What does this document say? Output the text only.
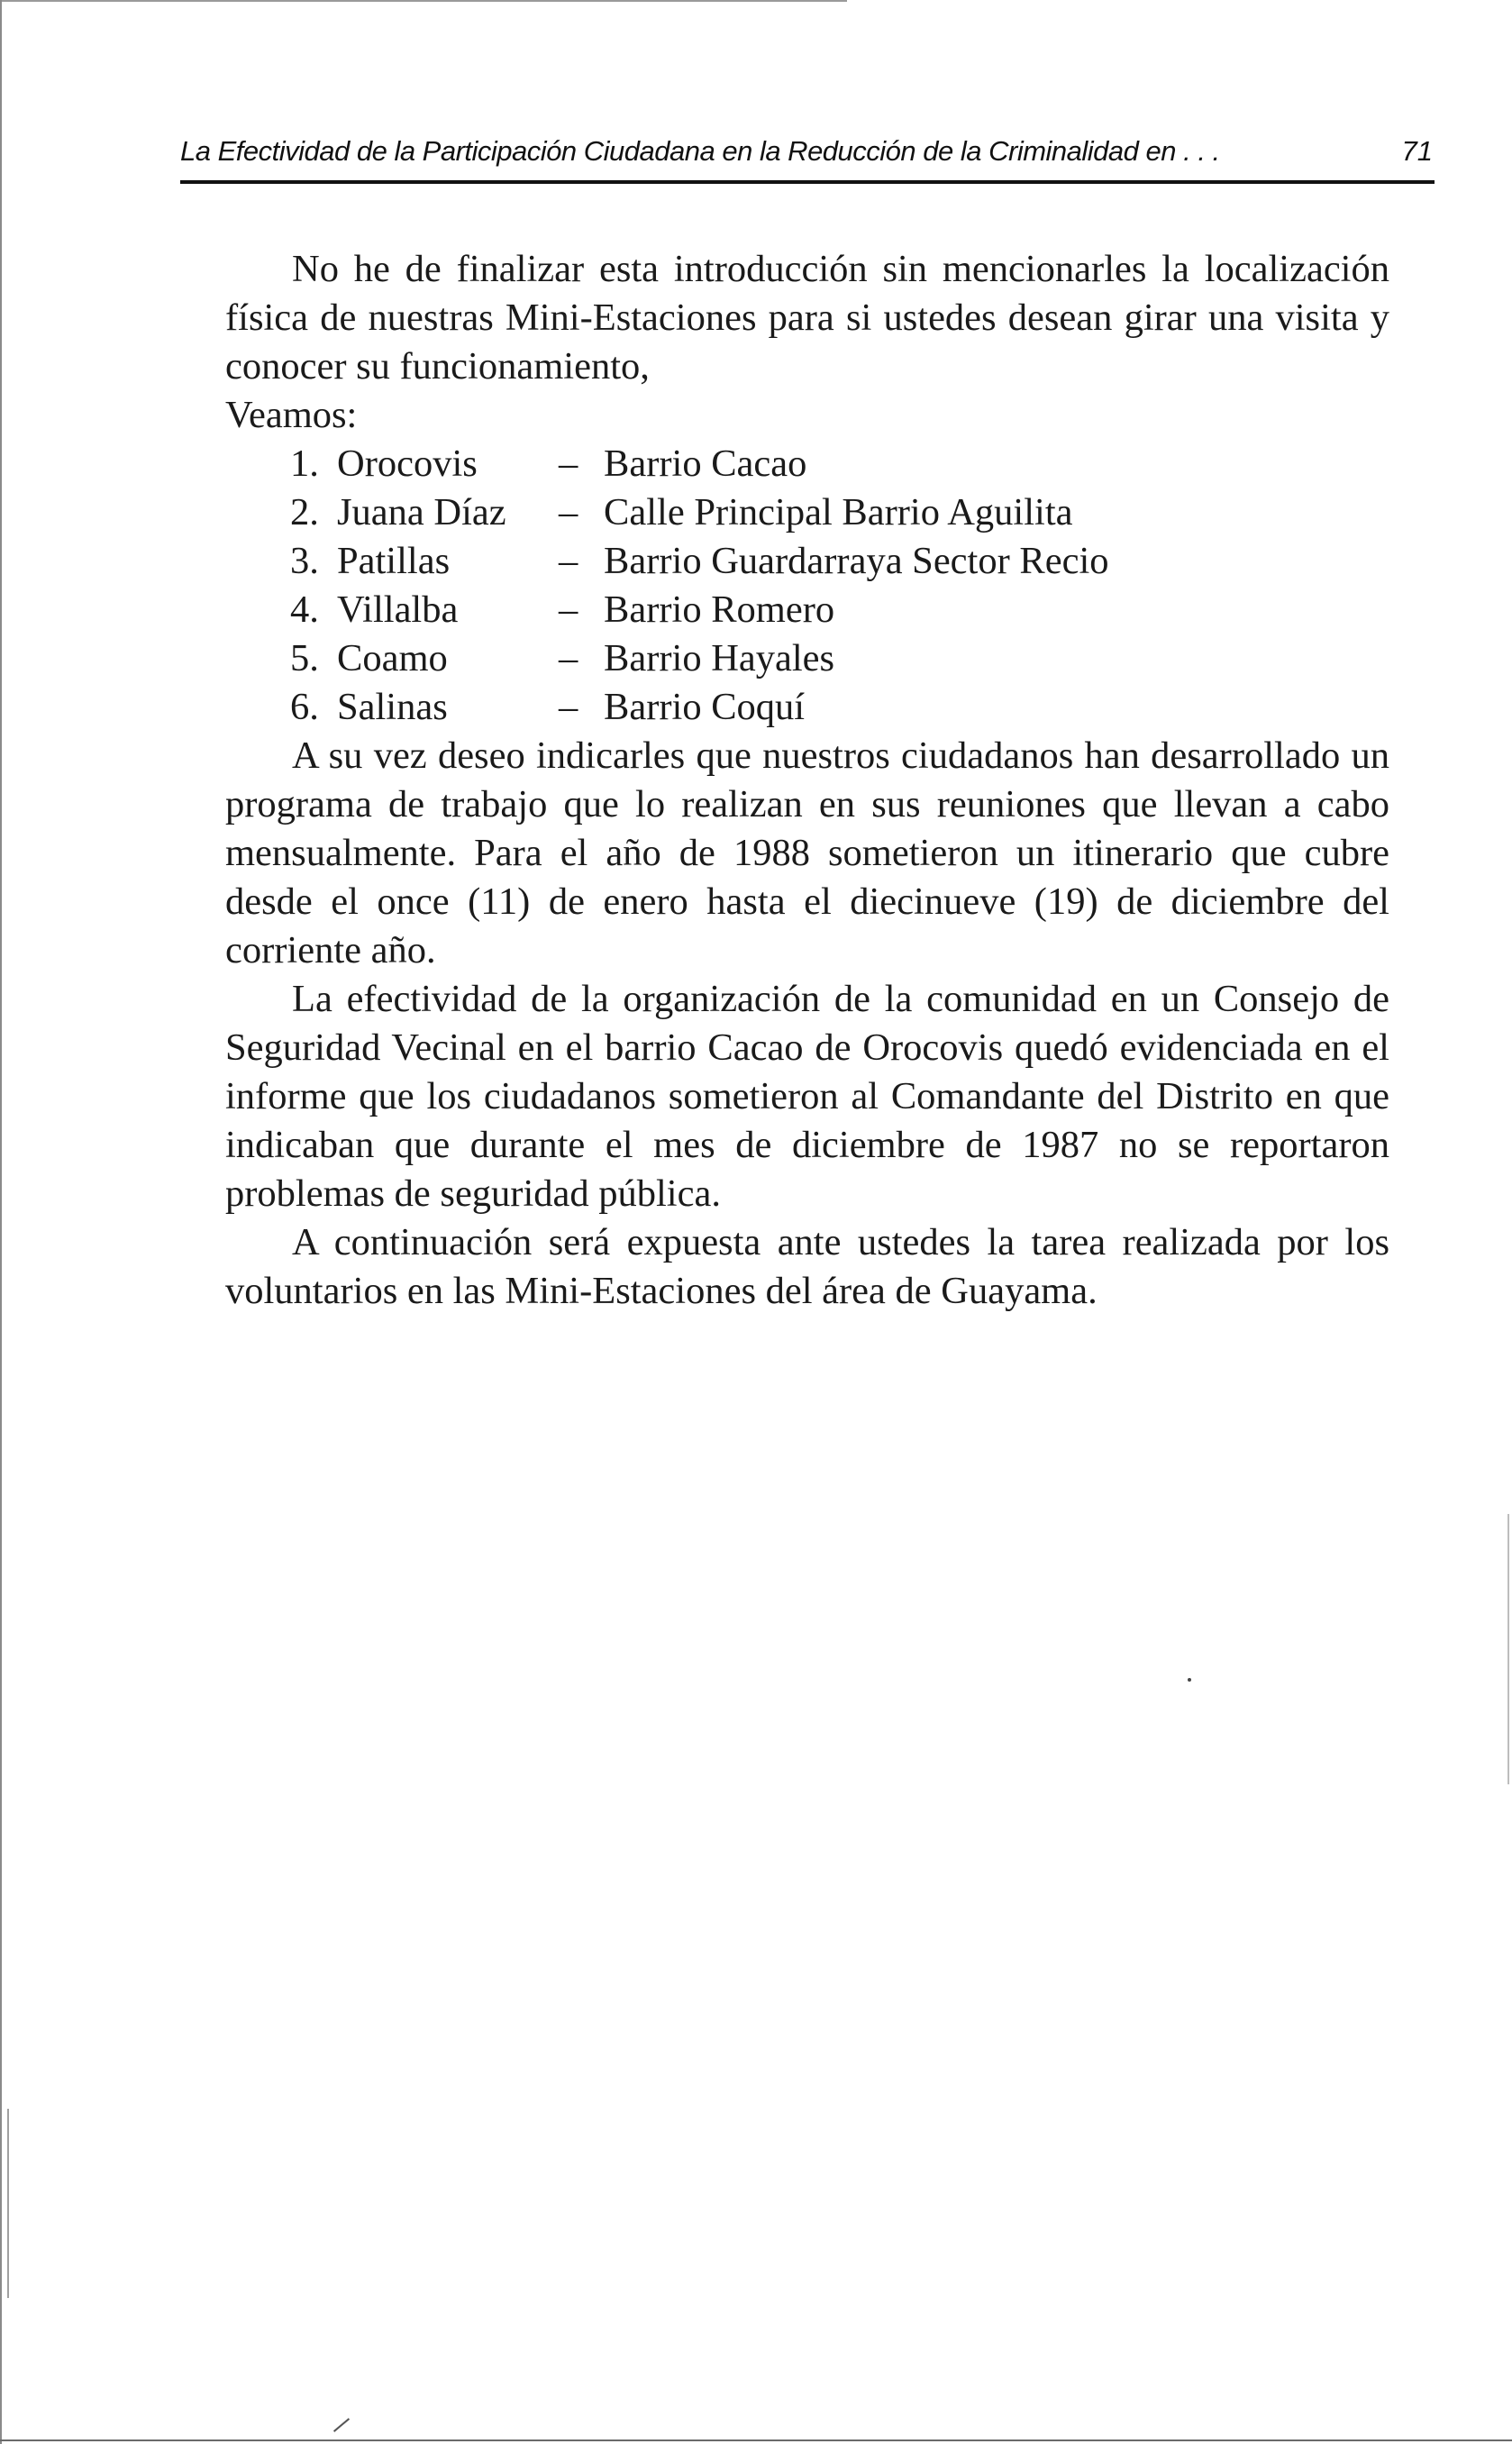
La Efectividad de la Participación Ciudadana en la Reducción de la Criminalidad en . . .	71

No he de finalizar esta introducción sin mencionarles la localización física de nuestras Mini-Estaciones para si ustedes desean girar una visita y conocer su funcionamiento,

Veamos:

1. Orocovis – Barrio Cacao
2. Juana Díaz – Calle Principal Barrio Aguilita
3. Patillas	– Barrio Guardarraya Sector Recio
4. Villalba	– Barrio Romero
5. Coamo	– Barrio Hayales
6. Salinas	– Barrio Coquí

A su vez deseo indicarles que nuestros ciudadanos han desarrollado un programa de trabajo que lo realizan en sus reuniones que llevan a cabo mensualmente. Para el año de 1988 sometieron un itinerario que cubre desde el once (11) de enero hasta el diecinueve (19) de diciembre del corriente año.

La efectividad de la organización de la comunidad en un Consejo de Seguridad Vecinal en el barrio Cacao de Orocovis quedó evidenciada en el informe que los ciudadanos sometieron al Comandante del Distrito en que indicaban que durante el mes de diciembre de 1987 no se reportaron problemas de seguridad pública.

A continuación será expuesta ante ustedes la tarea realizada por los voluntarios en las Mini-Estaciones del área de Guayama.
